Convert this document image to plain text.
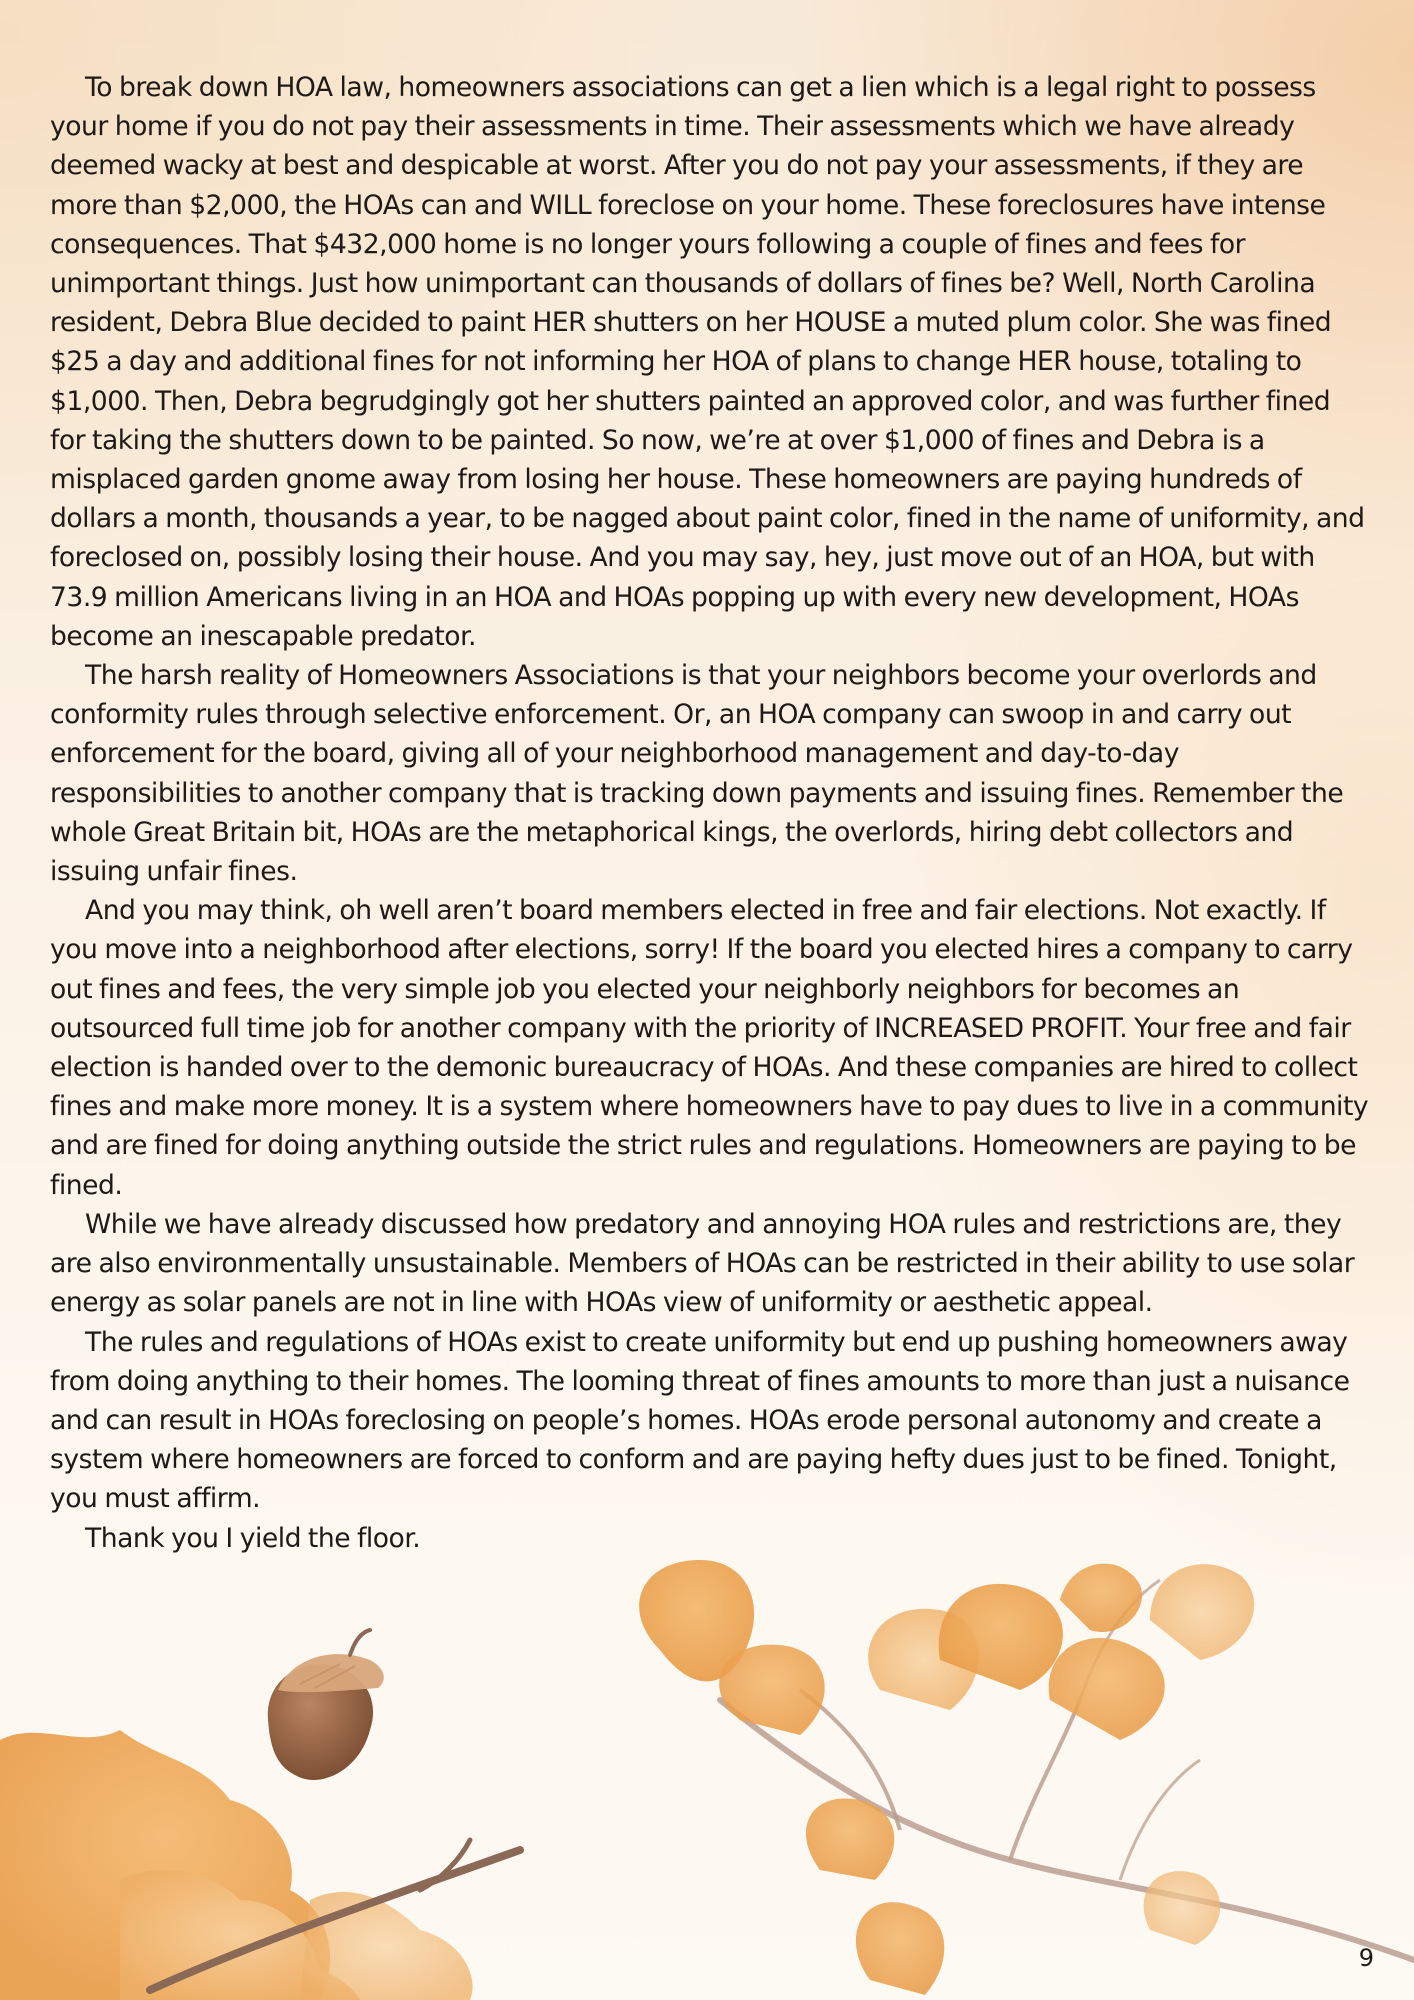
To break down HOA law, homeowners associations can get a lien which is a legal right to possess your home if you do not pay their assessments in time. Their assessments which we have already deemed wacky at best and despicable at worst. After you do not pay your assessments, if they are more than $2,000, the HOAs can and WILL foreclose on your home. These foreclosures have intense consequences. That $432,000 home is no longer yours following a couple of fines and fees for unimportant things. Just how unimportant can thousands of dollars of fines be? Well, North Carolina resident, Debra Blue decided to paint HER shutters on her HOUSE a muted plum color. She was fined $25 a day and additional fines for not informing her HOA of plans to change HER house, totaling to $1,000. Then, Debra begrudgingly got her shutters painted an approved color, and was further fined for taking the shutters down to be painted. So now, we’re at over $1,000 of fines and Debra is a misplaced garden gnome away from losing her house. These homeowners are paying hundreds of dollars a month, thousands a year, to be nagged about paint color, fined in the name of uniformity, and foreclosed on, possibly losing their house. And you may say, hey, just move out of an HOA, but with 73.9 million Americans living in an HOA and HOAs popping up with every new development, HOAs become an inescapable predator.

The harsh reality of Homeowners Associations is that your neighbors become your overlords and conformity rules through selective enforcement. Or, an HOA company can swoop in and carry out enforcement for the board, giving all of your neighborhood management and day-to-day responsibilities to another company that is tracking down payments and issuing fines. Remember the whole Great Britain bit, HOAs are the metaphorical kings, the overlords, hiring debt collectors and issuing unfair fines.

And you may think, oh well aren’t board members elected in free and fair elections. Not exactly. If you move into a neighborhood after elections, sorry! If the board you elected hires a company to carry out fines and fees, the very simple job you elected your neighborly neighbors for becomes an outsourced full time job for another company with the priority of INCREASED PROFIT. Your free and fair election is handed over to the demonic bureaucracy of HOAs. And these companies are hired to collect fines and make more money. It is a system where homeowners have to pay dues to live in a community and are fined for doing anything outside the strict rules and regulations. Homeowners are paying to be fined.

While we have already discussed how predatory and annoying HOA rules and restrictions are, they are also environmentally unsustainable. Members of HOAs can be restricted in their ability to use solar energy as solar panels are not in line with HOAs view of uniformity or aesthetic appeal.

The rules and regulations of HOAs exist to create uniformity but end up pushing homeowners away from doing anything to their homes. The looming threat of fines amounts to more than just a nuisance and can result in HOAs foreclosing on people’s homes. HOAs erode personal autonomy and create a system where homeowners are forced to conform and are paying hefty dues just to be fined. Tonight, you must affirm.

Thank you I yield the floor.

9
